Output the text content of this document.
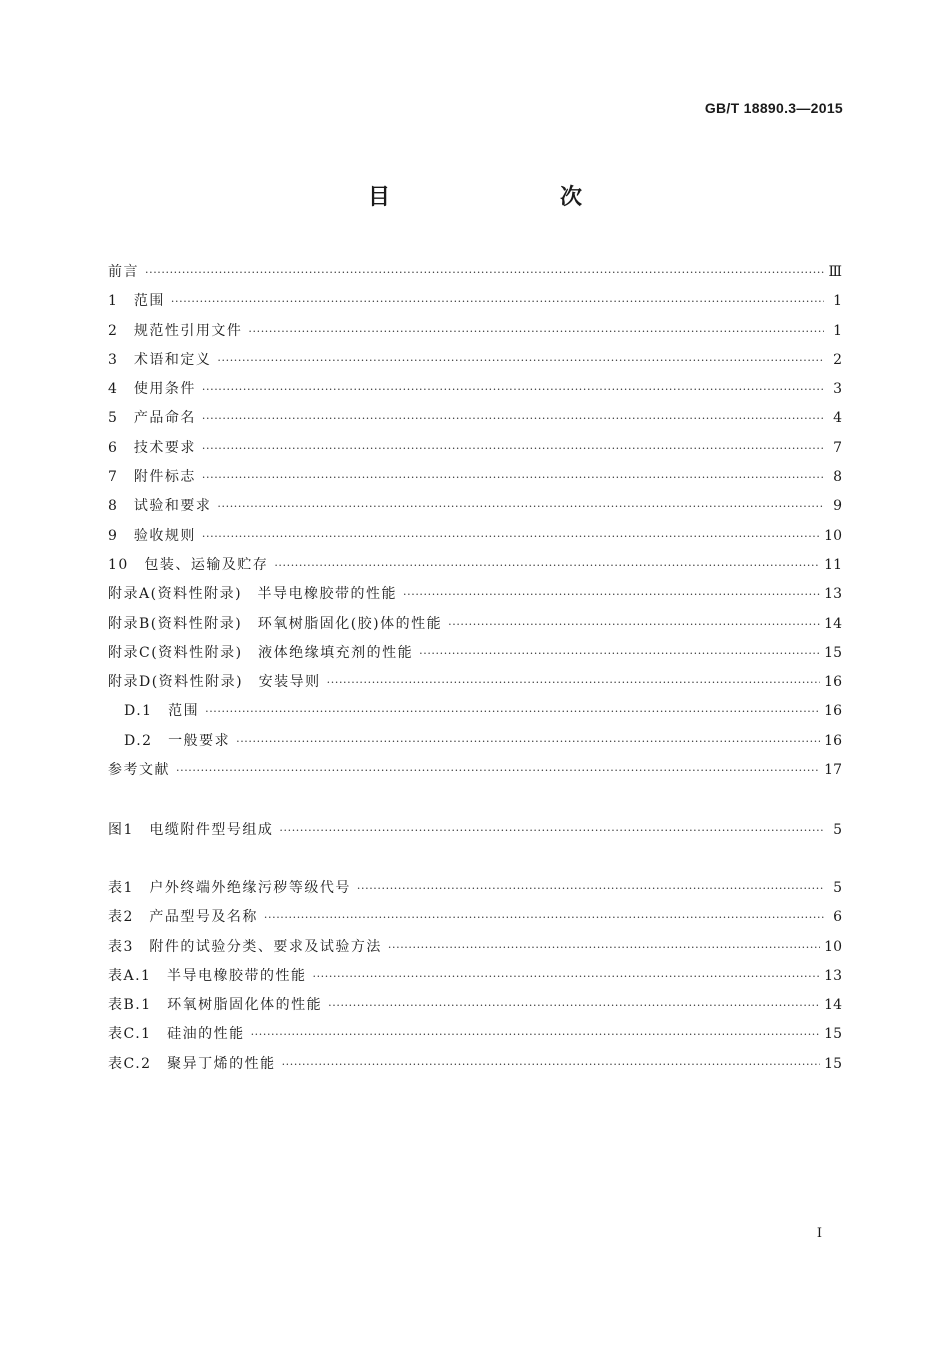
GB/T 18890.3—2015
目　　次
前言 ·····	Ⅲ
1　范围 ·····	1
2　规范性引用文件 ·····	1
3　术语和定义 ·····	2
4　使用条件 ·····	3
5　产品命名 ·····	4
6　技术要求 ·····	7
7　附件标志 ·····	8
8　试验和要求 ·····	9
9　验收规则 ·····	10
10　包装、运输及贮存 ·····	11
附录A(资料性附录)　半导电橡胶带的性能 ·····	13
附录B(资料性附录)　环氧树脂固化(胶)体的性能 ·····	14
附录C(资料性附录)　液体绝缘填充剂的性能 ·····	15
附录D(资料性附录)　安装导则 ·····	16
D.1　范围 ·····	16
D.2　一般要求 ·····	16
参考文献 ·····	17
图1　电缆附件型号组成 ·····	5
表1　户外终端外绝缘污秽等级代号 ·····	5
表2　产品型号及名称 ·····	6
表3　附件的试验分类、要求及试验方法 ·····	10
表A.1　半导电橡胶带的性能 ·····	13
表B.1　环氧树脂固化体的性能 ·····	14
表C.1　硅油的性能 ·····	15
表C.2　聚异丁烯的性能 ·····	15
I
